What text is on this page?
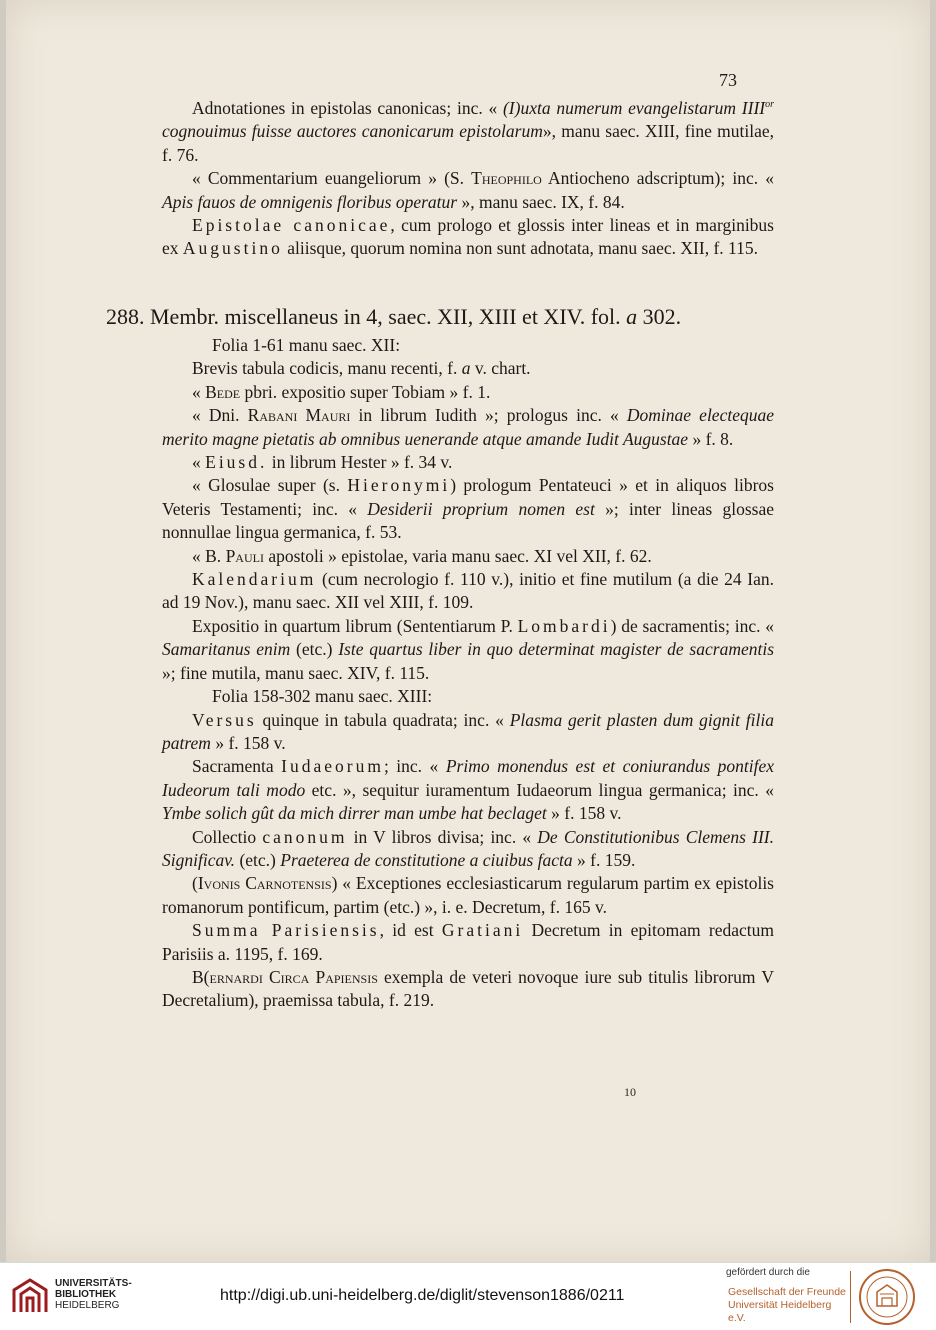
73

Adnotationes in epistolas canonicas; inc. « (I)uxta numerum evangelistarum $IIII^{or}$ cognouimus fuisse auctores canonicarum epistolarum», manu saec. XIII, fine mutilae, f. 76.

« Commentarium euangeliorum » (S. Theophilo Antiocheno adscriptum); inc. « Apis fauos de omnigenis floribus operatur », manu saec. IX, f. 84.

Epistolae canonicae, cum prologo et glossis inter lineas et in marginibus ex Augustino aliisque, quorum nomina non sunt adnotata, manu saec. XII, f. 115.

288. Membr. miscellaneus in 4, saec. XII, XIII et XIV. fol. a 302.

Folia 1-61 manu saec. XII:

Brevis tabula codicis, manu recenti, f. a v. chart.

« Bede pbri. expositio super Tobiam » f. 1.

« Dni. Rabani Mauri in librum Iudith »; prologus inc. « Dominae electequae merito magne pietatis ab omnibus uenerande atque amande Iudit Augustae » f. 8.

« Eiusd. in librum Hester » f. 34 v.

« Glosulae super (s. Hieronymi) prologum Pentateuci » et in aliquos libros Veteris Testamenti; inc. « Desiderii proprium nomen est »; inter lineas glossae nonnullae lingua germanica, f. 53.

« B. Pauli apostoli » epistolae, varia manu saec. XI vel XII, f. 62.

Kalendarium (cum necrologio f. 110 v.), initio et fine mutilum (a die 24 Ian. ad 19 Nov.), manu saec. XII vel XIII, f. 109.

Expositio in quartum librum (Sententiarum P. Lombardi) de sacramentis; inc. « Samaritanus enim (etc.) Iste quartus liber in quo determinat magister de sacramentis »; fine mutila, manu saec. XIV, f. 115.

Folia 158-302 manu saec. XIII:

Versus quinque in tabula quadrata; inc. « Plasma gerit plasten dum gignit filia patrem » f. 158 v.

Sacramenta Iudaeorum; inc. « Primo monendus est et coniurandus pontifex Iudeorum tali modo etc. », sequitur iuramentum Iudaeorum lingua germanica; inc. « Ymbe solich gût da mich dirrer man umbe hat beclaget » f. 158 v.

Collectio canonum in V libros divisa; inc. « De Constitutionibus Clemens III. Significav. (etc.) Praeterea de constitutione a ciuibus facta » f. 159.

(Ivonis Carnotensis) « Exceptiones ecclesiasticarum regularum partim ex epistolis romanorum pontificum, partim (etc.) », i. e. Decretum, f. 165 v.

Summa Parisiensis, id est Gratiani Decretum in epitomam redactum Parisiis a. 1195, f. 169.

B(ernardi Circa Papiensis exempla de veteri novoque iure sub titulis librorum V Decretalium), praemissa tabula, f. 219.

10
UNIVERSITÄTS-
BIBLIOTHEK
HEIDELBERG
http://digi.ub.uni-heidelberg.de/diglit/stevenson1886/0211
gefördert durch die
Gesellschaft der Freunde
Universität Heidelberg e.V.
